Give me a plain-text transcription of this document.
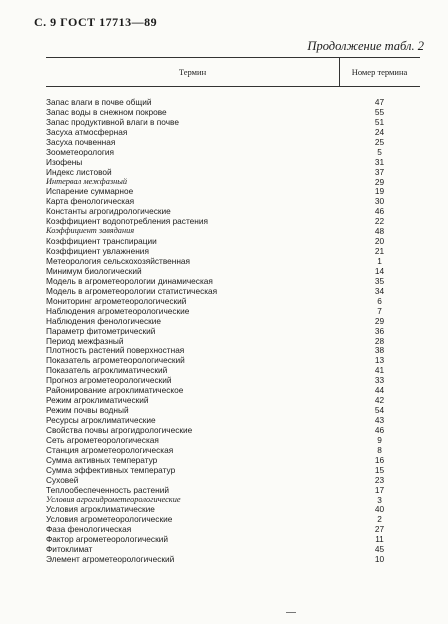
С. 9 ГОСТ 17713—89
Продолжение табл. 2
Термин	Номер термина
Запас влаги в почве общий	47
Запас воды в снежном покрове	55
Запас продуктивной влаги в почве	51
Засуха атмосферная	24
Засуха почвенная	25
Зоометеорология	5
Изофены	31
Индекс листовой	37
Интервал межфазный	29
Испарение суммарное	19
Карта фенологическая	30
Константы агрогидрологические	46
Коэффициент водопотребления растения	22
Коэффициент завядания	48
Коэффициент транспирации	20
Коэффициент увлажнения	21
Метеорология сельскохозяйственная	1
Минимум биологический	14
Модель в агрометеорологии динамическая	35
Модель в агрометеорологии статистическая	34
Мониторинг агрометеорологический	6
Наблюдения агрометеорологические	7
Наблюдения фенологические	29
Параметр фитометрический	36
Период межфазный	28
Плотность растений поверхностная	38
Показатель агрометеорологический	13
Показатель агроклиматический	41
Прогноз агрометеорологический	33
Районирование агроклиматическое	44
Режим агроклиматический	42
Режим почвы водный	54
Ресурсы агроклиматические	43
Свойства почвы агрогидрологические	46
Сеть агрометеорологическая	9
Станция агрометеорологическая	8
Сумма активных температур	16
Сумма эффективных температур	15
Суховей	23
Теплообеспеченность растений	17
Условия агрогидрометеорологические	3
Условия агроклиматические	40
Условия агрометеорологические	2
Фаза фенологическая	27
Фактор агрометеорологический	11
Фитоклимат	45
Элемент агрометеорологический	10
